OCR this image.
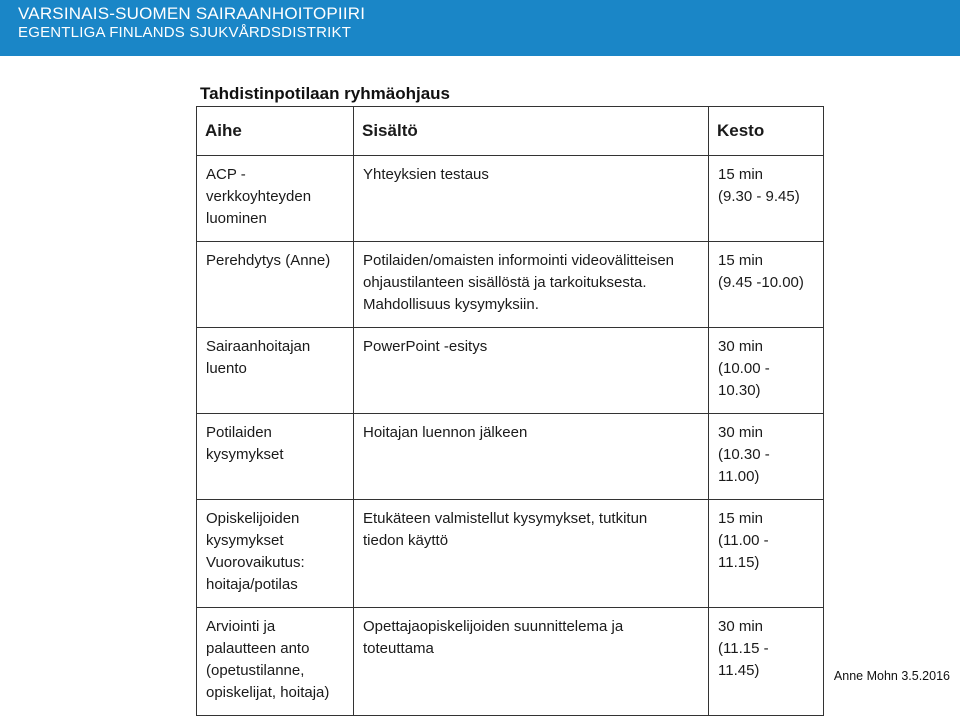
VARSINAIS-SUOMEN SAIRAANHOITOPIIRI
EGENTLIGA FINLANDS SJUKVÅRDSDISTRIKT
Tahdistinpotilaan ryhmäohjaus
Aihe	Sisältö	Kesto

ACP -
verkkoyhteyden
luominen	Yhteyksien testaus	15 min
(9.30 - 9.45)

Perehdytys (Anne)	Potilaiden/omaisten informointi videovälitteisen
ohjaustilanteen sisällöstä ja tarkoituksesta.
Mahdollisuus kysymyksiin.	15 min
(9.45 -10.00)

Sairaanhoitajan
luento	PowerPoint -esitys	30 min
(10.00 -
10.30)

Potilaiden
kysymykset	Hoitajan luennon jälkeen	30 min
(10.30 - 11.00)

Opiskelijoiden
kysymykset
Vuorovaikutus:
hoitaja/potilas	Etukäteen valmistellut kysymykset, tutkitun
tiedon käyttö	15 min
(11.00 - 11.15)

Arviointi ja
palautteen anto
(opetustilanne,
opiskelijat, hoitaja)	Opettajaopiskelijoiden suunnittelema ja
toteuttama	30 min
(11.15 - 11.45)	Anne Mohn 3.5.2016
